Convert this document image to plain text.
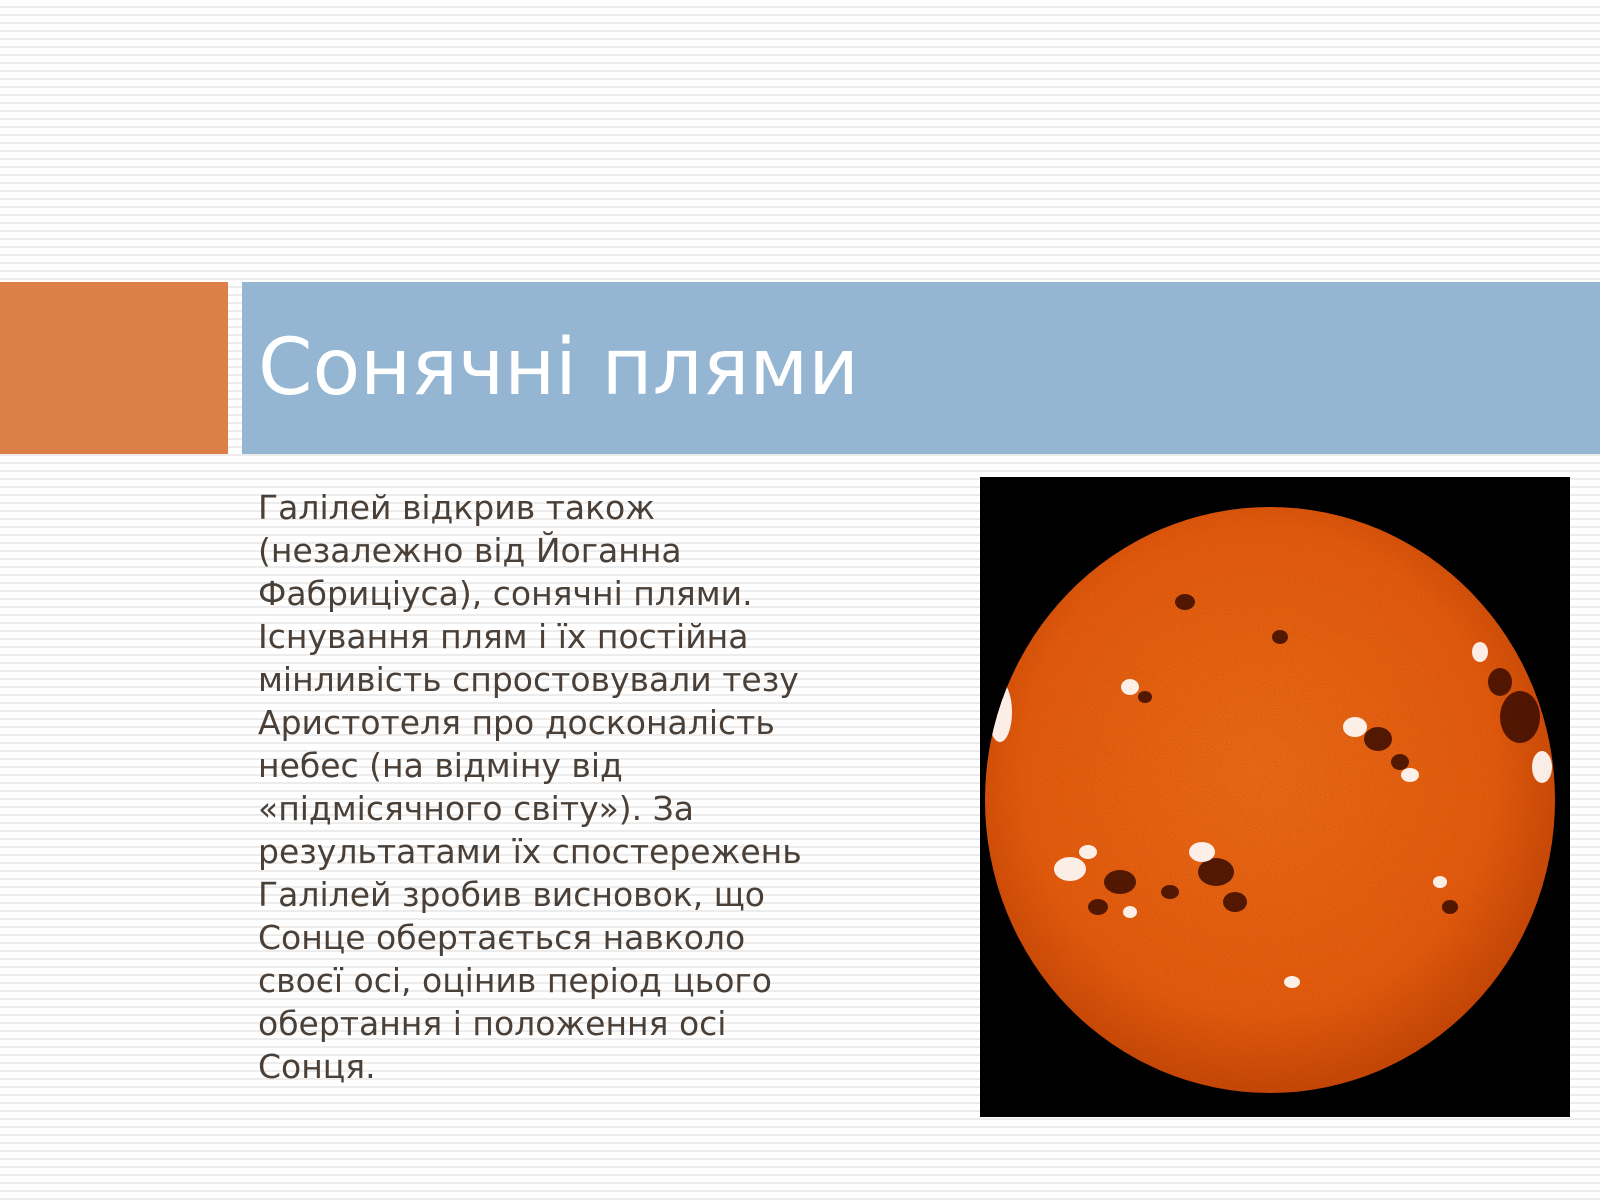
Сонячні плями

Галілей відкрив також
(незалежно від Йоганна
Фабриціуса), сонячні плями.
Існування плям і їх постійна
мінливість спростовували тезу
Аристотеля про досконалість
небес (на відміну від
«підмісячного світу»). За
результатами їх спостережень
Галілей зробив висновок, що
Сонце обертається навколо
своєї осі, оцінив період цього
обертання і положення осі
Сонця.
